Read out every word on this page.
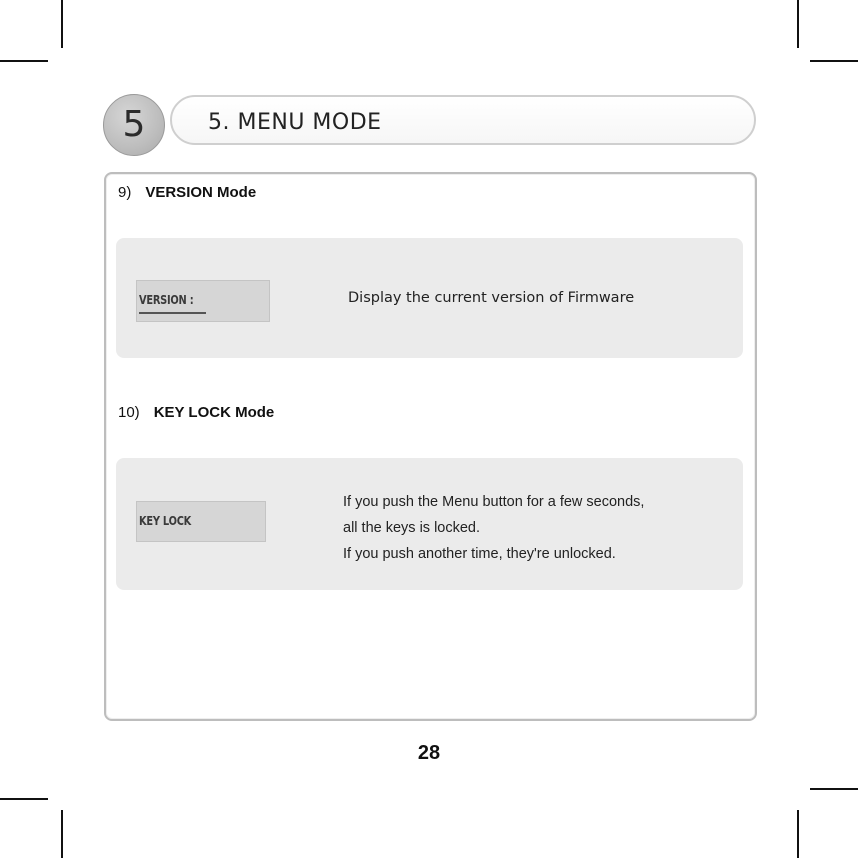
5. MENU MODE
5
9) VERSION Mode
VERSION :	Display the current version of Firmware
10) KEY LOCK Mode
KEY LOCK
If you push the Menu button for a few seconds,
all the keys is locked.
If you push another time, they're unlocked.
28
